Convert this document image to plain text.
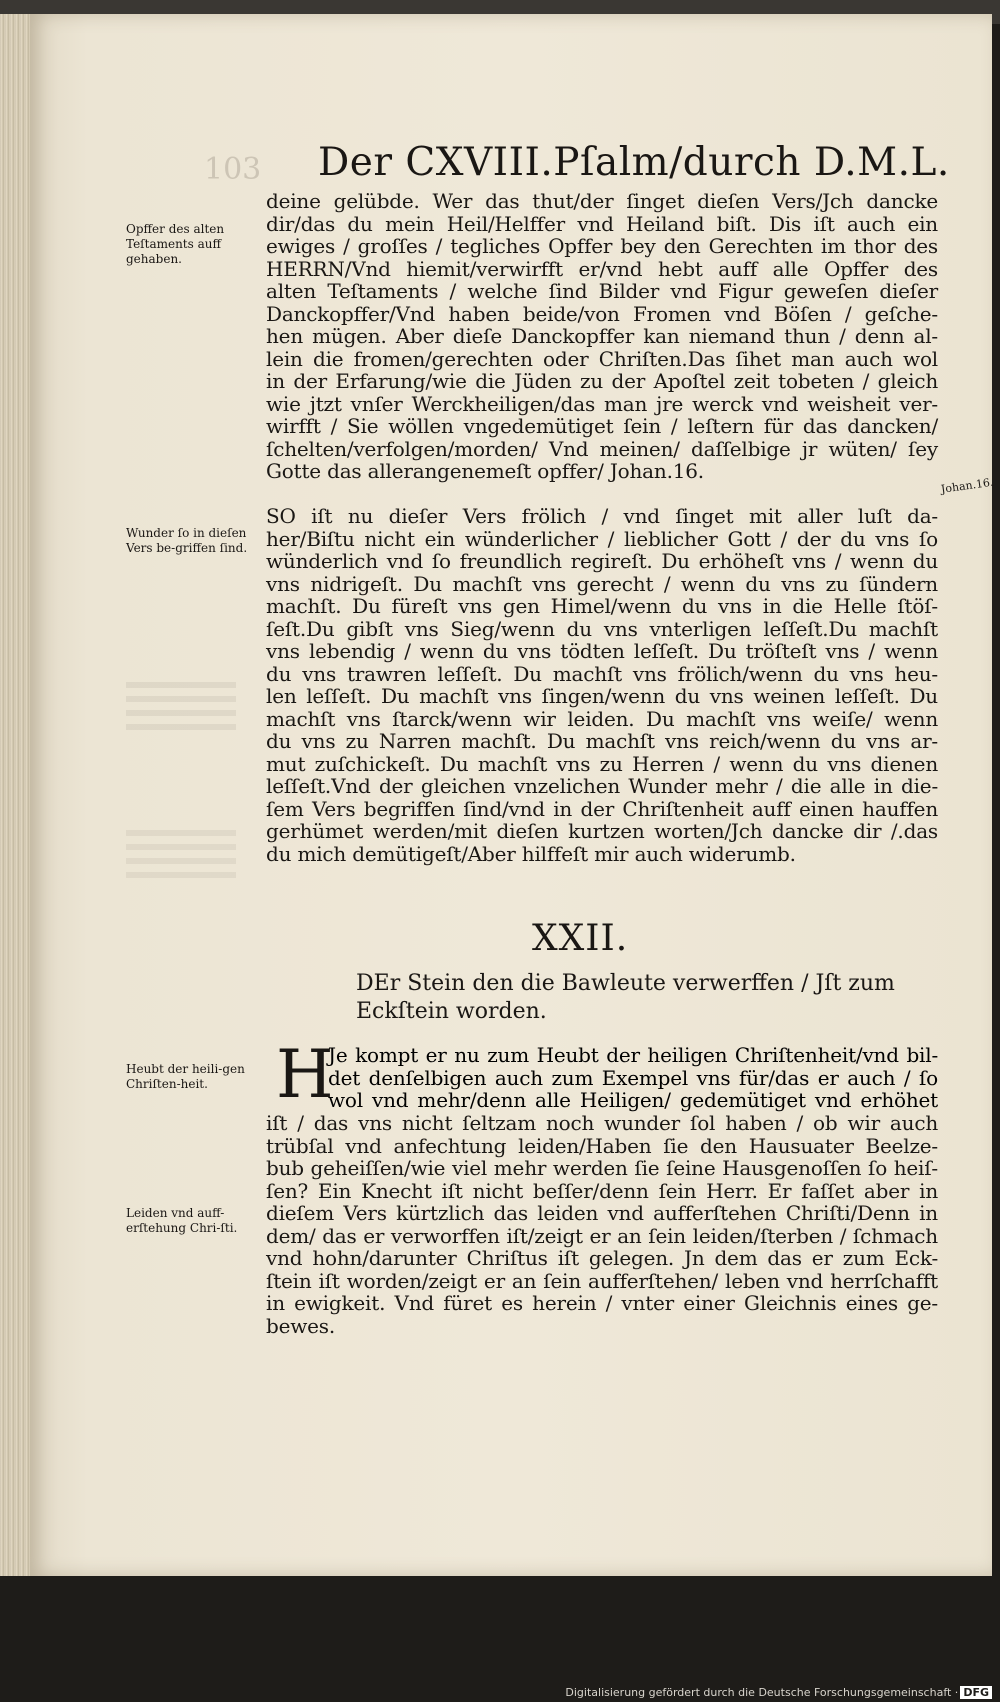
103 Der CXVIII.Pſalm/durch D.M.L.
deine gelübde. Wer das thut/der ſinget dieſen Vers/Jch dancke
dir/das du mein Heil/Helffer vnd Heiland biſt. Dis iſt auch ein
ewiges / groſſes / tegliches Opffer bey den Gerechten im thor des
HERRN/Vnd hiemit/verwirfft er/vnd hebt auff alle Opffer des
alten Teſtaments / welche ſind Bilder vnd Figur geweſen dieſer
Danckopffer/Vnd haben beide/von Fromen vnd Böſen / geſche-
hen mügen. Aber dieſe Danckopffer kan niemand thun / denn al-
lein die fromen/gerechten oder Chriſten.Das ſihet man auch wol
in der Erfarung/wie die Jüden zu der Apoſtel zeit tobeten / gleich
wie jtzt vnſer Werckheiligen/das man jre werck vnd weisheit ver-
wirfft / Sie wöllen vngedemütiget ſein / leſtern für das dancken/
ſchelten/verfolgen/morden/ Vnd meinen/ daſſelbige jr wüten/ ſey
Gotte das allerangenemeſt opffer/ Johan.16.
SO iſt nu dieſer Vers frölich / vnd ſinget mit aller luſt da-
her/Biſtu nicht ein wünderlicher / lieblicher Gott / der du vns ſo
wünderlich vnd ſo freundlich regireſt. Du erhöheſt vns / wenn du
vns nidrigeſt. Du machſt vns gerecht / wenn du vns zu ſündern
machſt. Du füreſt vns gen Himel/wenn du vns in die Helle ſtöſ-
ſeſt.Du gibſt vns Sieg/wenn du vns vnterligen leſſeſt.Du machſt
vns lebendig / wenn du vns tödten leſſeſt. Du tröſteſt vns / wenn
du vns trawren leſſeſt. Du machſt vns frölich/wenn du vns heu-
len leſſeſt. Du machſt vns ſingen/wenn du vns weinen leſſeſt. Du
machſt vns ſtarck/wenn wir leiden. Du machſt vns weiſe/ wenn
du vns zu Narren machſt. Du machſt vns reich/wenn du vns ar-
mut zuſchickeſt. Du machſt vns zu Herren / wenn du vns dienen
leſſeſt.Vnd der gleichen vnzelichen Wunder mehr / die alle in die-
ſem Vers begriffen ſind/vnd in der Chriſtenheit auff einen hauffen
gerhümet werden/mit dieſen kurtzen worten/Jch dancke dir /.das
du mich demütigeſt/Aber hilffeſt mir auch widerumb.
XXII.
DEr Stein den die Bawleute verwerffen / Jſt zum
Eckſtein worden.
H
Je kompt er nu zum Heubt der heiligen Chriſtenheit/vnd bil-
det denſelbigen auch zum Exempel vns für/das er auch / ſo
wol vnd mehr/denn alle Heiligen/ gedemütiget vnd erhöhet
iſt / das vns nicht ſeltzam noch wunder ſol haben / ob wir auch
trübſal vnd anfechtung leiden/Haben ſie den Hausuater Beelze-
bub geheiſſen/wie viel mehr werden ſie ſeine Hausgenoſſen ſo heiſ-
ſen? Ein Knecht iſt nicht beſſer/denn ſein Herr. Er faſſet aber in
dieſem Vers kürtzlich das leiden vnd aufferſtehen Chriſti/Denn in
dem/ das er verworffen iſt/zeigt er an ſein leiden/ſterben / ſchmach
vnd hohn/darunter Chriſtus iſt gelegen. Jn dem das er zum Eck-
ſtein iſt worden/zeigt er an ſein aufferſtehen/ leben vnd herrſchafft
in ewigkeit. Vnd füret es herein / vnter einer Gleichnis eines ge-
bewes.
Opffer des alten Teſtaments auff gehaben.
Wunder ſo in dieſen Vers be-griffen ſind.
Heubt der heili-gen Chriſten-heit.
Leiden vnd auff-erſtehung Chri-ſti.
Johan.16.
Digitalisierung gefördert durch die Deutsche Forschungsgemeinschaft · DFG
